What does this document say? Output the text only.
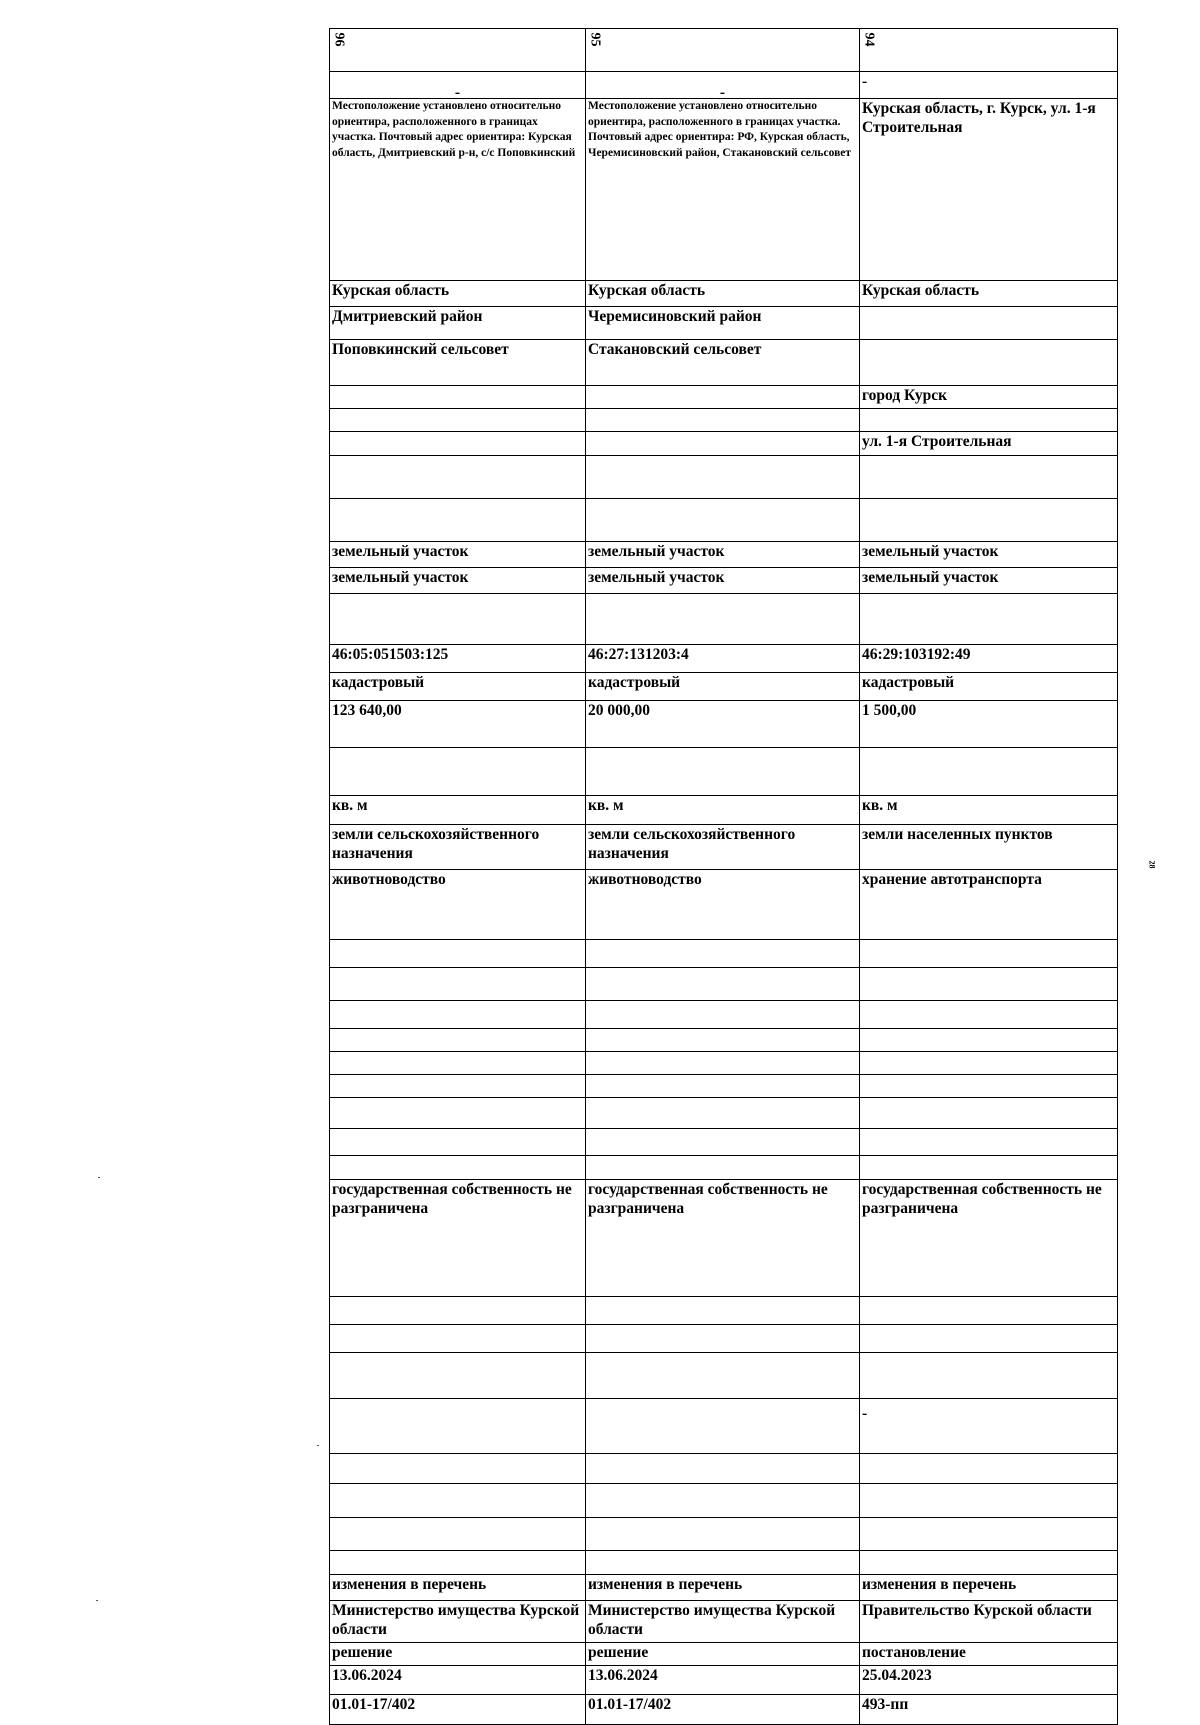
96	95	94
-	-	-
Местоположение установлено относительно ориентира, расположенного в границах участка. Почтовый адрес ориентира: Курская область, Дмитриевский р-н, с/с Поповкинский	Местоположение установлено относительно ориентира, расположенного в границах участка. Почтовый адрес ориентира: РФ, Курская область, Черемисиновский район, Стакановский сельсовет	Курская область, г. Курск, ул. 1-я Строительная
Курская область	Курская область	Курская область
Дмитриевский район	Черемисиновский район	
Поповкинский сельсовет	Стакановский сельсовет	
		город Курск

		ул. 1-я Строительная

земельный участок	земельный участок	земельный участок
земельный участок	земельный участок	земельный участок

46:05:051503:125	46:27:131203:4	46:29:103192:49
кадастровый	кадастровый	кадастровый
123 640,00	20 000,00	1 500,00

кв. м	кв. м	кв. м
земли сельскохозяйственного назначения	земли сельскохозяйственного назначения	земли населенных пунктов
животноводство	животноводство	хранение автотранспорта

государственная собственность не разграничена	государственная собственность не разграничена	государственная собственность не разграничена

		-

изменения в перечень	изменения в перечень	изменения в перечень
Министерство имущества Курской области	Министерство имущества Курской области	Правительство Курской области
решение	решение	постановление
13.06.2024	13.06.2024	25.04.2023
01.01-17/402	01.01-17/402	493-пп
28
